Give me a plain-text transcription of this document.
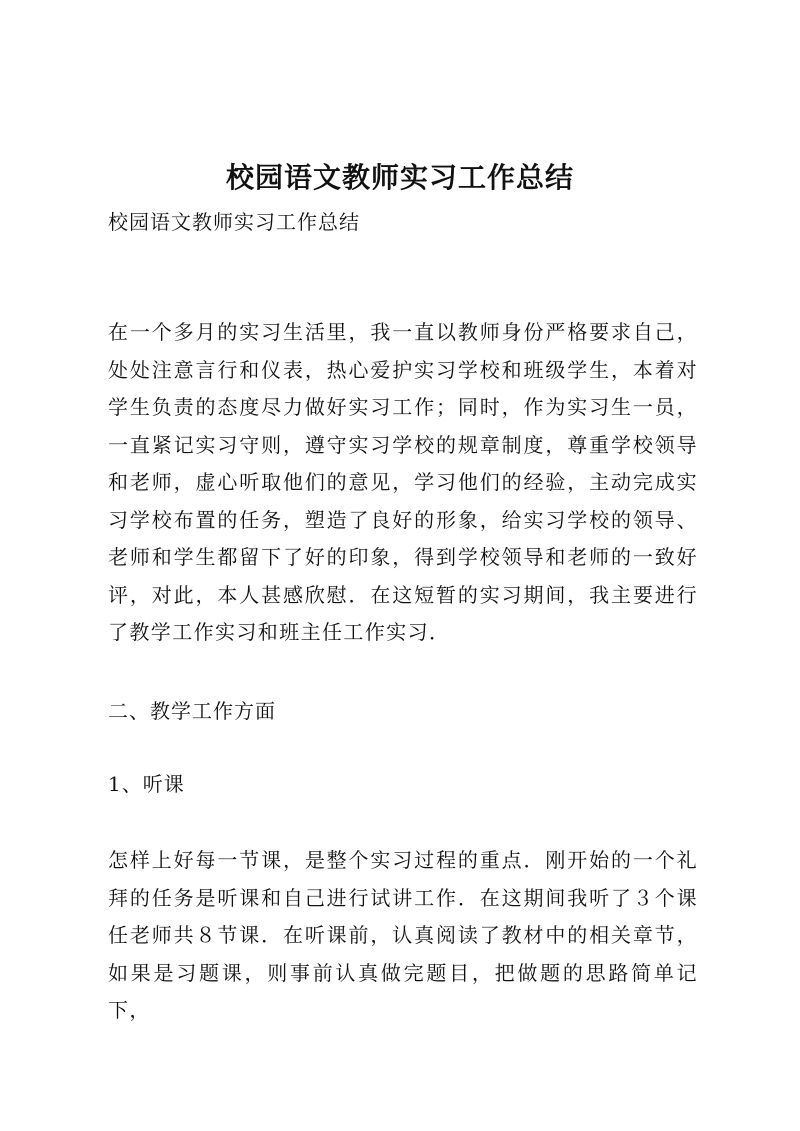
校园语文教师实习工作总结
校园语文教师实习工作总结

在一个多月的实习生活里，我一直以教师身份严格要求自己，处处注意言行和仪表，热心爱护实习学校和班级学生，本着对学生负责的态度尽力做好实习工作；同时，作为实习生一员，一直紧记实习守则，遵守实习学校的规章制度，尊重学校领导和老师，虚心听取他们的意见，学习他们的经验，主动完成实习学校布置的任务，塑造了良好的形象，给实习学校的领导、老师和学生都留下了好的印象，得到学校领导和老师的一致好评，对此，本人甚感欣慰．在这短暂的实习期间，我主要进行了教学工作实习和班主任工作实习．

二、教学工作方面
1、听课

怎样上好每一节课，是整个实习过程的重点．刚开始的一个礼拜的任务是听课和自己进行试讲工作．在这期间我听了３个课任老师共８节课．在听课前，认真阅读了教材中的相关章节，如果是习题课，则事前认真做完题目，把做题的思路简单记下，
